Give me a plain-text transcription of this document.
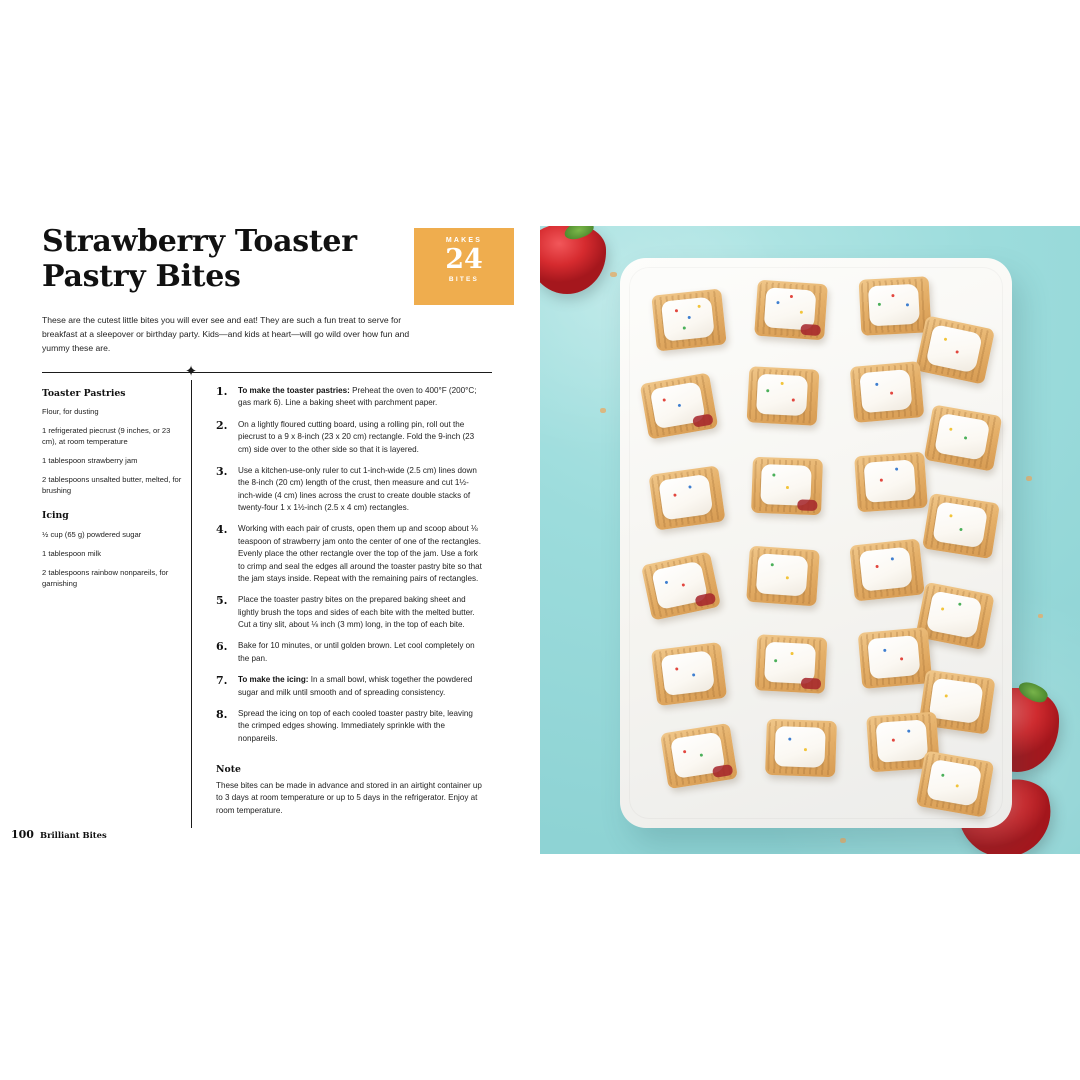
Strawberry Toaster
Pastry Bites
MAKES
24
BITES
These are the cutest little bites you will ever see and eat! They are such a fun treat to serve for breakfast at a sleepover or birthday party. Kids—and kids at heart—will go wild over how fun and yummy these are.
✦
Toaster Pastries
Flour, for dusting
1 refrigerated piecrust (9 inches, or 23 cm), at room temperature
1 tablespoon strawberry jam
2 tablespoons unsalted butter, melted, for brushing
Icing
½ cup (65 g) powdered sugar
1 tablespoon milk
2 tablespoons rainbow nonpareils, for garnishing
1. To make the toaster pastries: Preheat the oven to 400°F (200°C; gas mark 6). Line a baking sheet with parchment paper.
2. On a lightly floured cutting board, using a rolling pin, roll out the piecrust to a 9 x 8-inch (23 x 20 cm) rectangle. Fold the 9-inch (23 cm) side over to the other side so that it is layered.
3. Use a kitchen-use-only ruler to cut 1-inch-wide (2.5 cm) lines down the 8-inch (20 cm) length of the crust, then measure and cut 1½-inch-wide (4 cm) lines across the crust to create double stacks of twenty-four 1 x 1½-inch (2.5 x 4 cm) rectangles.
4. Working with each pair of crusts, open them up and scoop about ⅛ teaspoon of strawberry jam onto the center of one of the rectangles. Evenly place the other rectangle over the top of the jam. Use a fork to crimp and seal the edges all around the toaster pastry bite so that the jam stays inside. Repeat with the remaining pairs of rectangles.
5. Place the toaster pastry bites on the prepared baking sheet and lightly brush the tops and sides of each bite with the melted butter. Cut a tiny slit, about ⅛ inch (3 mm) long, in the top of each bite.
6. Bake for 10 minutes, or until golden brown. Let cool completely on the pan.
7. To make the icing: In a small bowl, whisk together the powdered sugar and milk until smooth and of spreading consistency.
8. Spread the icing on top of each cooled toaster pastry bite, leaving the crimped edges showing. Immediately sprinkle with the nonpareils.
Note
These bites can be made in advance and stored in an airtight container up to 3 days at room temperature or up to 5 days in the refrigerator. Enjoy at room temperature.
100 Brilliant Bites
